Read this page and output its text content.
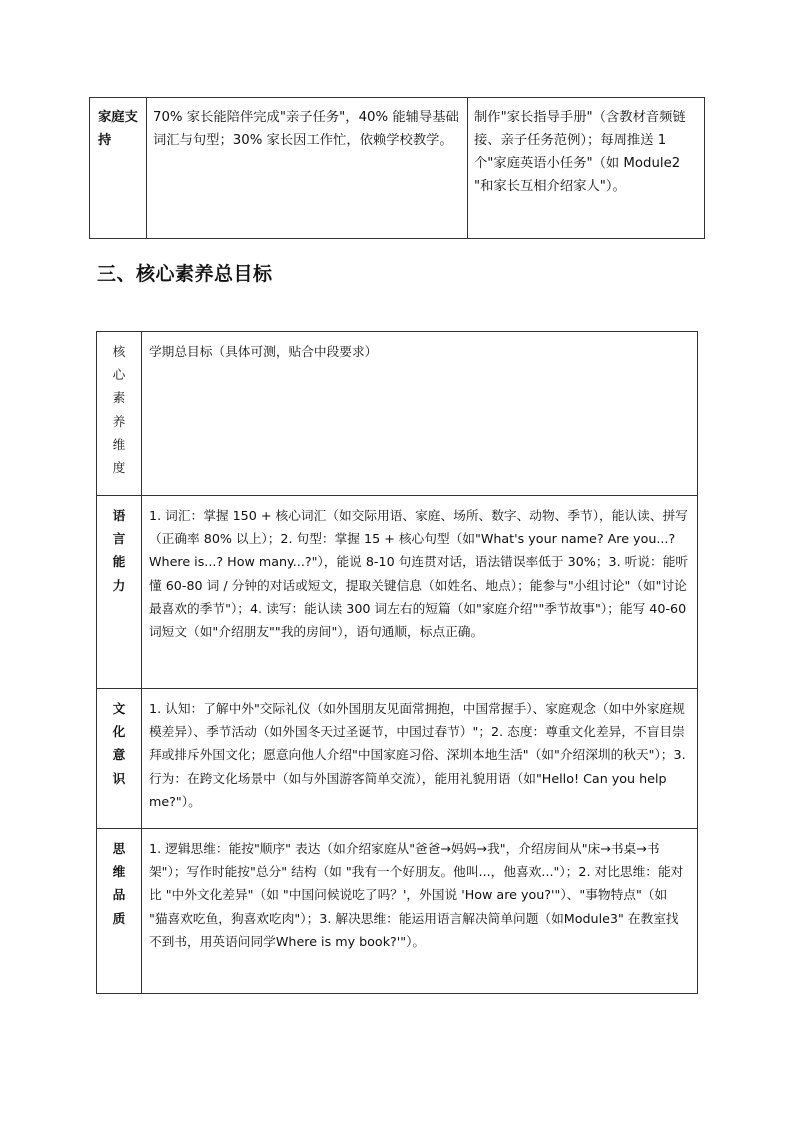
家庭支持	70% 家长能陪伴完成"亲子任务"，40% 能辅导基础词汇与句型；30% 家长因工作忙，依赖学校教学。	制作"家长指导手册"（含教材音频链接、亲子任务范例）；每周推送 1 个"家庭英语小任务"（如 Module2 "和家长互相介绍家人"）。
三、核心素养总目标
核心素养维度	学期总目标（具体可测，贴合中段要求）

语言能力	1. 词汇：掌握 150 + 核心词汇（如交际用语、家庭、场所、数字、动物、季节），能认读、拼写（正确率 80% 以上）；2. 句型：掌握 15 + 核心句型（如"What's your name? Are you...? Where is...? How many...?"），能说 8-10 句连贯对话，语法错误率低于 30%；3. 听说：能听懂 60-80 词 / 分钟的对话或短文，提取关键信息（如姓名、地点）；能参与"小组讨论"（如"讨论最喜欢的季节"）；4. 读写：能认读 300 词左右的短篇（如"家庭介绍""季节故事"）；能写 40-60 词短文（如"介绍朋友""我的房间"），语句通顺，标点正确。

文化意识	1. 认知：了解中外"交际礼仪（如外国朋友见面常拥抱，中国常握手）、家庭观念（如中外家庭规模差异）、季节活动（如外国冬天过圣诞节，中国过春节）"；2. 态度：尊重文化差异，不盲目崇拜或排斥外国文化；愿意向他人介绍"中国家庭习俗、深圳本地生活"（如"介绍深圳的秋天"）；3. 行为：在跨文化场景中（如与外国游客简单交流），能用礼貌用语（如"Hello! Can you help me?"）。

思维品质	1. 逻辑思维：能按"顺序" 表达（如介绍家庭从"爸爸→妈妈→我"，介绍房间从"床→书桌→书架"）；写作时能按"总分" 结构（如 "我有一个好朋友。他叫...，他喜欢..."）；2. 对比思维：能对比 "中外文化差异"（如 "中国问候说吃了吗？'，外国说 'How are you?'"）、"事物特点"（如 "猫喜欢吃鱼，狗喜欢吃肉"）；3. 解决思维：能运用语言解决简单问题（如Module3" 在教室找不到书，用英语问同学Where is my book?'"）。
